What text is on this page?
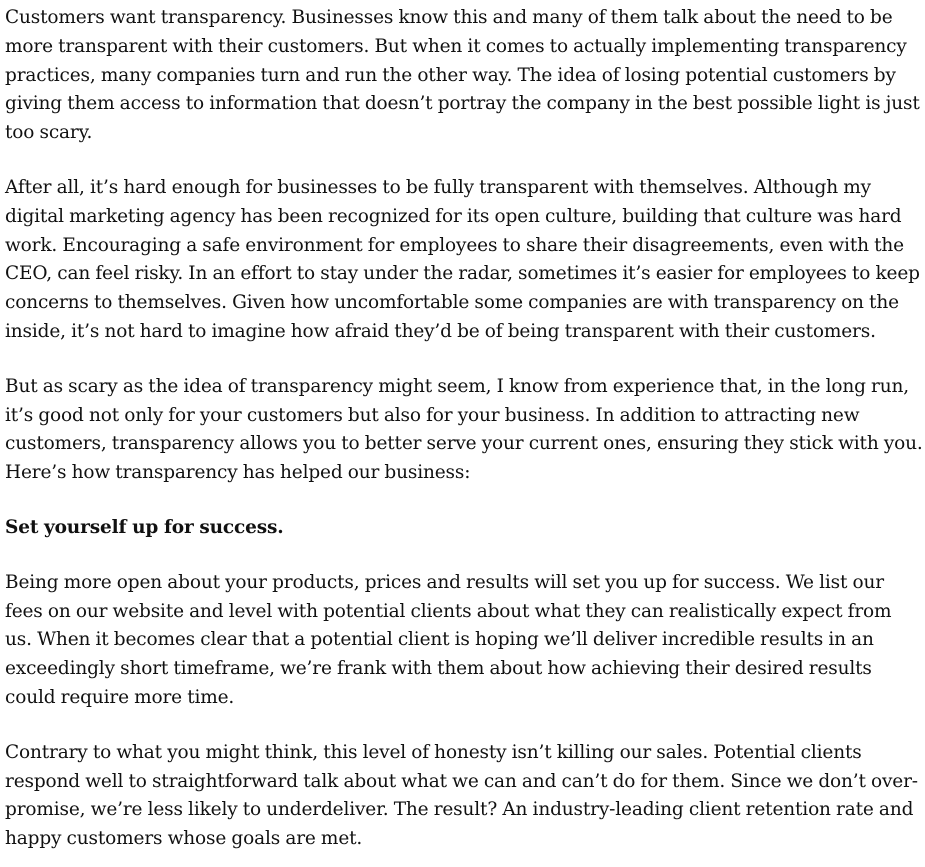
Customers want transparency. Businesses know this and many of them talk about the need to be more transparent with their customers. But when it comes to actually implementing transparency practices, many companies turn and run the other way. The idea of losing potential customers by giving them access to information that doesn’t portray the company in the best possible light is just too scary.

After all, it’s hard enough for businesses to be fully transparent with themselves. Although my digital marketing agency has been recognized for its open culture, building that culture was hard work. Encouraging a safe environment for employees to share their disagreements, even with the CEO, can feel risky. In an effort to stay under the radar, sometimes it’s easier for employees to keep concerns to themselves. Given how uncomfortable some companies are with transparency on the inside, it’s not hard to imagine how afraid they’d be of being transparent with their customers.

But as scary as the idea of transparency might seem, I know from experience that, in the long run, it’s good not only for your customers but also for your business. In addition to attracting new customers, transparency allows you to better serve your current ones, ensuring they stick with you. Here’s how transparency has helped our business:

Set yourself up for success.

Being more open about your products, prices and results will set you up for success. We list our fees on our website and level with potential clients about what they can realistically expect from us. When it becomes clear that a potential client is hoping we’ll deliver incredible results in an exceedingly short timeframe, we’re frank with them about how achieving their desired results could require more time.

Contrary to what you might think, this level of honesty isn’t killing our sales. Potential clients respond well to straightforward talk about what we can and can’t do for them. Since we don’t over-promise, we’re less likely to underdeliver. The result? An industry-leading client retention rate and happy customers whose goals are met.
